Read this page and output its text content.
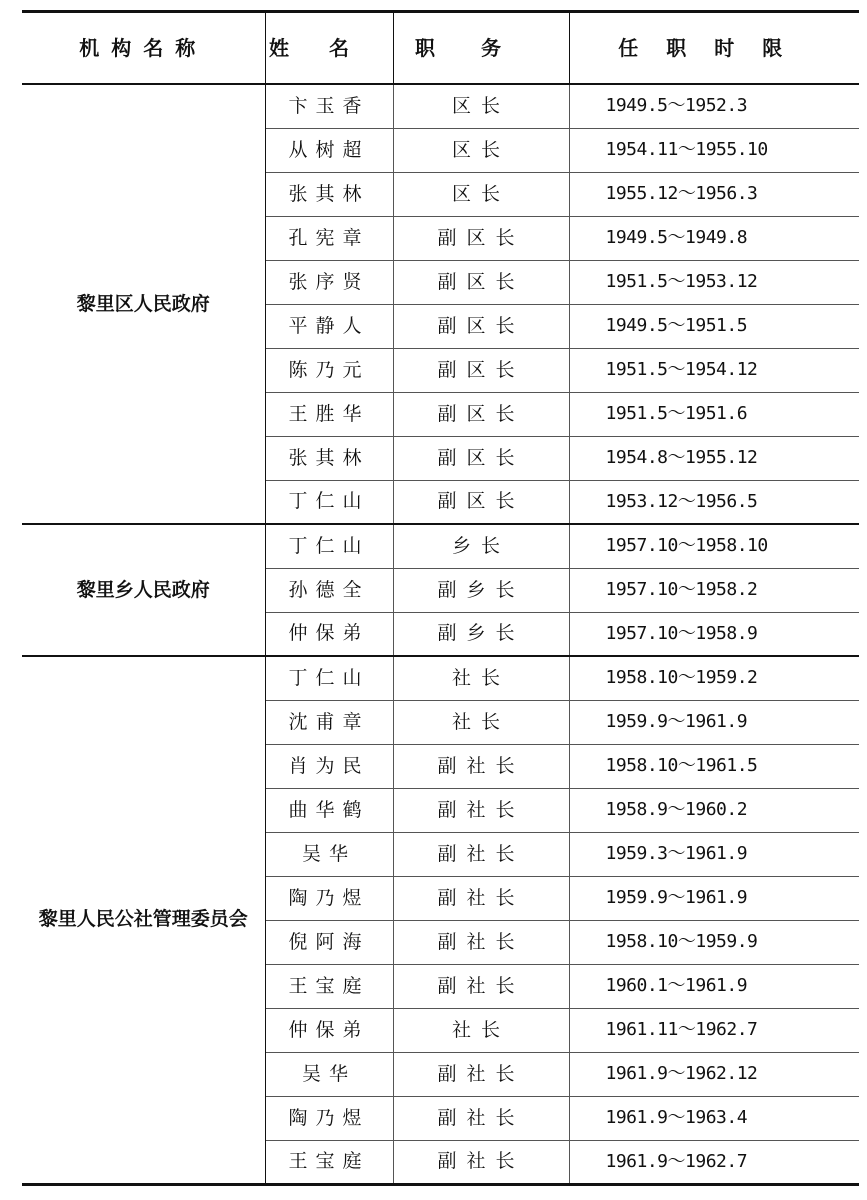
机构名称	姓名	职务	任职时限
黎里区人民政府	卞玉香	区长	1949.5～1952.3
	从树超	区长	1954.11～1955.10
	张其林	区长	1955.12～1956.3
	孔宪章	副区长	1949.5～1949.8
	张序贤	副区长	1951.5～1953.12
	平静人	副区长	1949.5～1951.5
	陈乃元	副区长	1951.5～1954.12
	王胜华	副区长	1951.5～1951.6
	张其林	副区长	1954.8～1955.12
	丁仁山	副区长	1953.12～1956.5
黎里乡人民政府	丁仁山	乡长	1957.10～1958.10
	孙德全	副乡长	1957.10～1958.2
	仲保弟	副乡长	1957.10～1958.9
黎里人民公社管理委员会	丁仁山	社长	1958.10～1959.2
	沈甫章	社长	1959.9～1961.9
	肖为民	副社长	1958.10～1961.5
	曲华鹤	副社长	1958.9～1960.2
	吴华	副社长	1959.3～1961.9
	陶乃煜	副社长	1959.9～1961.9
	倪阿海	副社长	1958.10～1959.9
	王宝庭	副社长	1960.1～1961.9
	仲保弟	社长	1961.11～1962.7
	吴华	副社长	1961.9～1962.12
	陶乃煜	副社长	1961.9～1963.4
	王宝庭	副社长	1961.9～1962.7
